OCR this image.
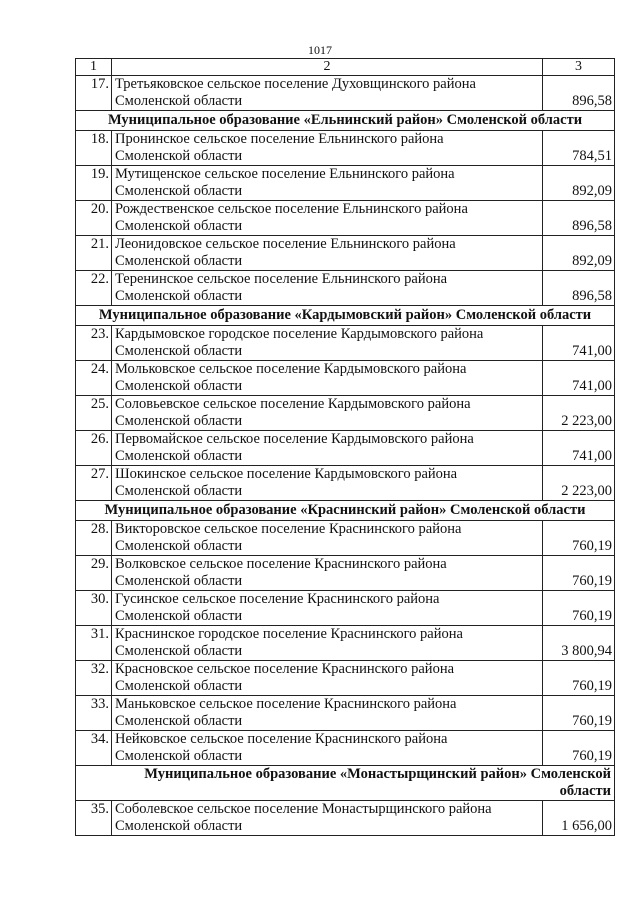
1017
1	2	3
17.	Третьяковское сельское поселение Духовщинского района
Смоленской области	896,58
Муниципальное образование «Ельнинский район» Смоленской области		
18.	Пронинское сельское поселение Ельнинского района
Смоленской области	784,51
19.	Мутищенское сельское поселение Ельнинского района
Смоленской области	892,09
20.	Рождественское сельское поселение Ельнинского района
Смоленской области	896,58
21.	Леонидовское сельское поселение Ельнинского района
Смоленской области	892,09
22.	Теренинское сельское поселение Ельнинского района
Смоленской области	896,58
Муниципальное образование «Кардымовский район» Смоленской области		
23.	Кардымовское городское поселение Кардымовского района
Смоленской области	741,00
24.	Мольковское сельское поселение Кардымовского района
Смоленской области	741,00
25.	Соловьевское сельское поселение Кардымовского района
Смоленской области	2 223,00
26.	Первомайское сельское поселение Кардымовского района
Смоленской области	741,00
27.	Шокинское сельское поселение Кардымовского района
Смоленской области	2 223,00
Муниципальное образование «Краснинский район» Смоленской области		
28.	Викторовское сельское поселение Краснинского района
Смоленской области	760,19
29.	Волковское сельское поселение Краснинского района
Смоленской области	760,19
30.	Гусинское сельское поселение Краснинского района
Смоленской области	760,19
31.	Краснинское городское поселение Краснинского района
Смоленской области	3 800,94
32.	Красновское сельское поселение Краснинского района
Смоленской области	760,19
33.	Маньковское сельское поселение Краснинского района
Смоленской области	760,19
34.	Нейковское сельское поселение Краснинского района
Смоленской области	760,19

Муниципальное образование «Монастырщинский район» Смоленской
области		

35.	Соболевское сельское поселение Монастырщинского района
Смоленской области	1 656,00
